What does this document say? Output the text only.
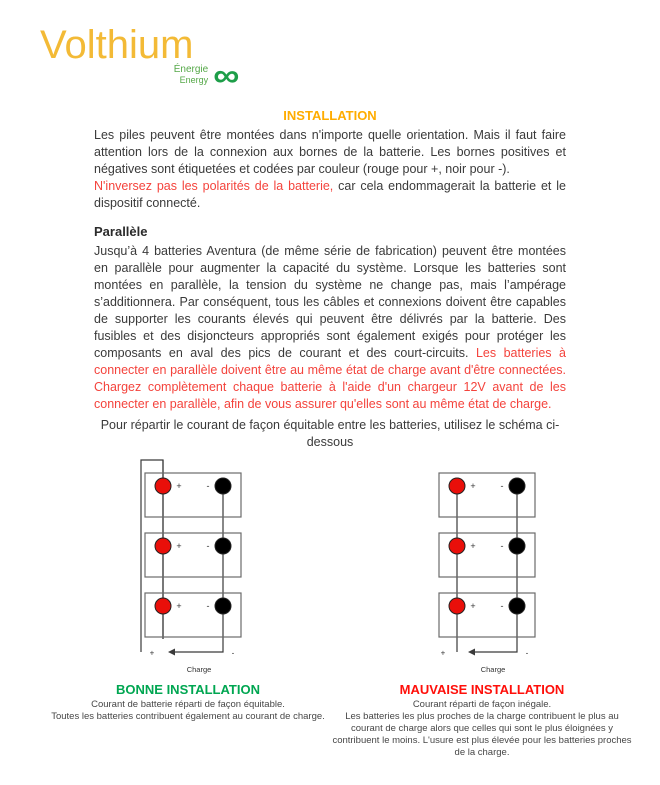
Volthium
Énergie
Energy ∞
INSTALLATION

Les piles peuvent être montées dans n'importe quelle orientation. Mais il faut faire attention lors de la connexion aux bornes de la batterie. Les bornes positives et négatives sont étiquetées et codées par couleur (rouge pour +, noir pour -).
N'inversez pas les polarités de la batterie, car cela endommagerait la batterie et le dispositif connecté.

Parallèle

Jusqu’à 4 batteries Aventura (de même série de fabrication) peuvent être montées en parallèle pour augmenter la capacité du système. Lorsque les batteries sont montées en parallèle, la tension du système ne change pas, mais l’ampérage s’additionnera. Par conséquent, tous les câbles et connexions doivent être capables de supporter les courants élevés qui peuvent être délivrés par la batterie. Des fusibles et des disjoncteurs appropriés sont également exigés pour protéger les composants en aval des pics de courant et des court-circuits. Les batteries à connecter en parallèle doivent être au même état de charge avant d'être connectées. Chargez complètement chaque batterie à l'aide d'un chargeur 12V avant de les connecter en parallèle, afin de vous assurer qu'elles sont au même état de charge.

Pour répartir le courant de façon équitable entre les batteries, utilisez le schéma ci-dessous

+	-
+	-
+	-
+	-
Charge
BONNE INSTALLATION
Courant de batterie réparti de façon équitable.
Toutes les batteries contribuent également au courant de charge.
+	-
+	-
+	-
+	-
Charge
MAUVAISE INSTALLATION
Courant réparti de façon inégale.
Les batteries les plus proches de la charge contribuent le plus au courant de charge alors que celles qui sont le plus éloignées y contribuent le moins. L'usure est plus élevée pour les batteries proches de la charge.
